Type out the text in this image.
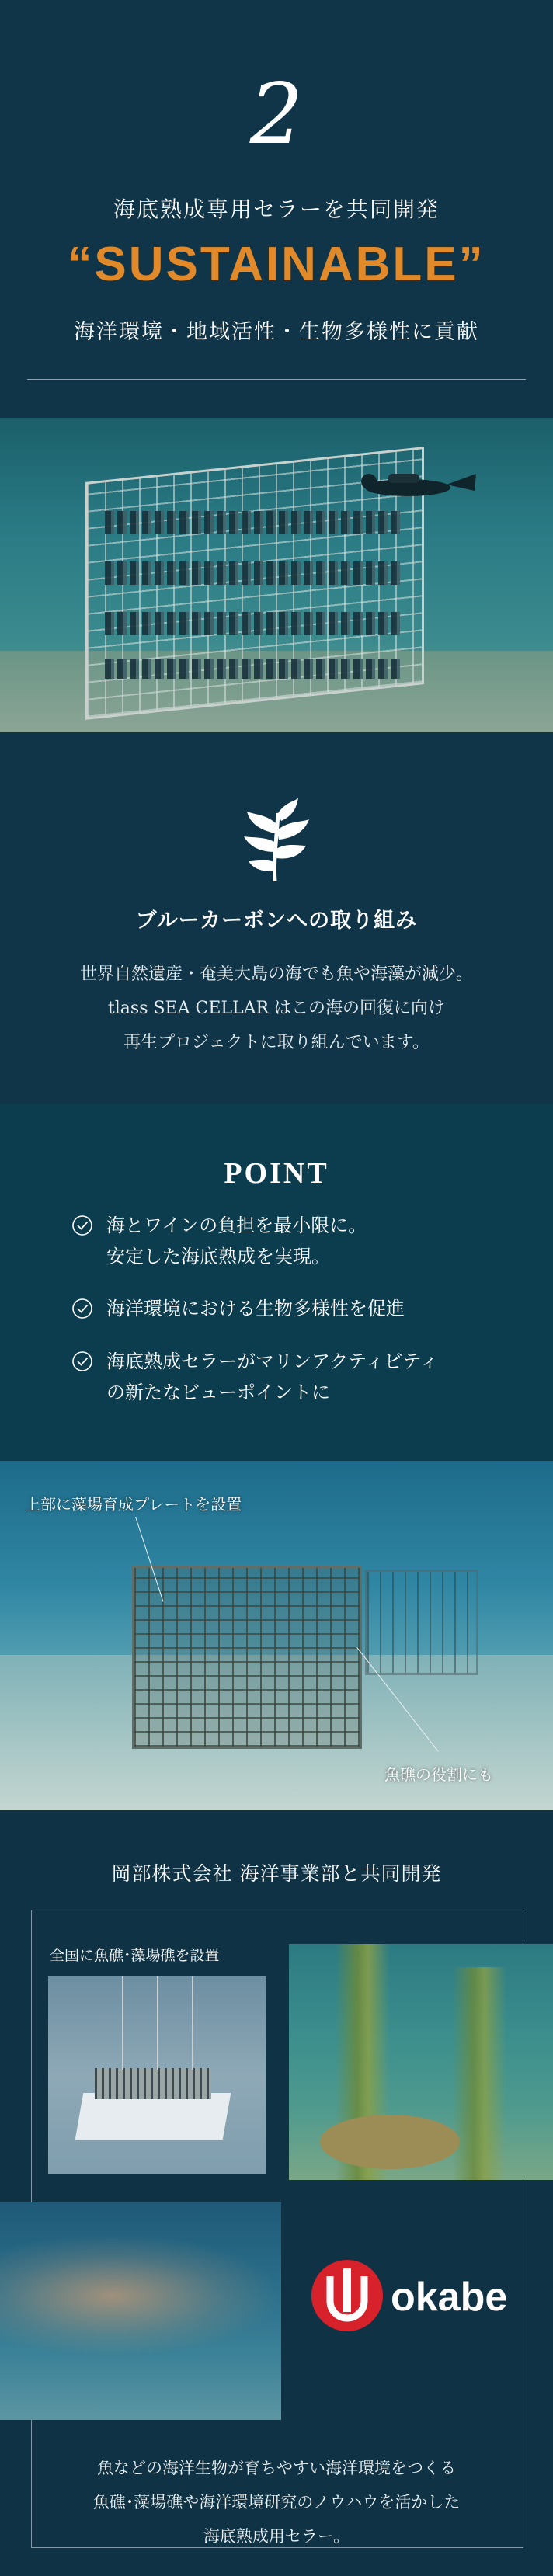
2
海底熟成専用セラーを共同開発
“SUSTAINABLE”
海洋環境・地域活性・生物多様性に貢献
ブルーカーボンへの取り組み
世界自然遺産・奄美大島の海でも魚や海藻が減少。
tlass SEA CELLAR はこの海の回復に向け
再生プロジェクトに取り組んでいます。
POINT
海とワインの負担を最小限に。
安定した海底熟成を実現。
海洋環境における生物多様性を促進
海底熟成セラーがマリンアクティビティ
の新たなビューポイントに
上部に藻場育成プレートを設置
魚礁の役割にも
岡部株式会社 海洋事業部と共同開発
全国に魚礁･藻場礁を設置
okabe
魚などの海洋生物が育ちやすい海洋環境をつくる
魚礁･藻場礁や海洋環境研究のノウハウを活かした
海底熟成用セラー。
